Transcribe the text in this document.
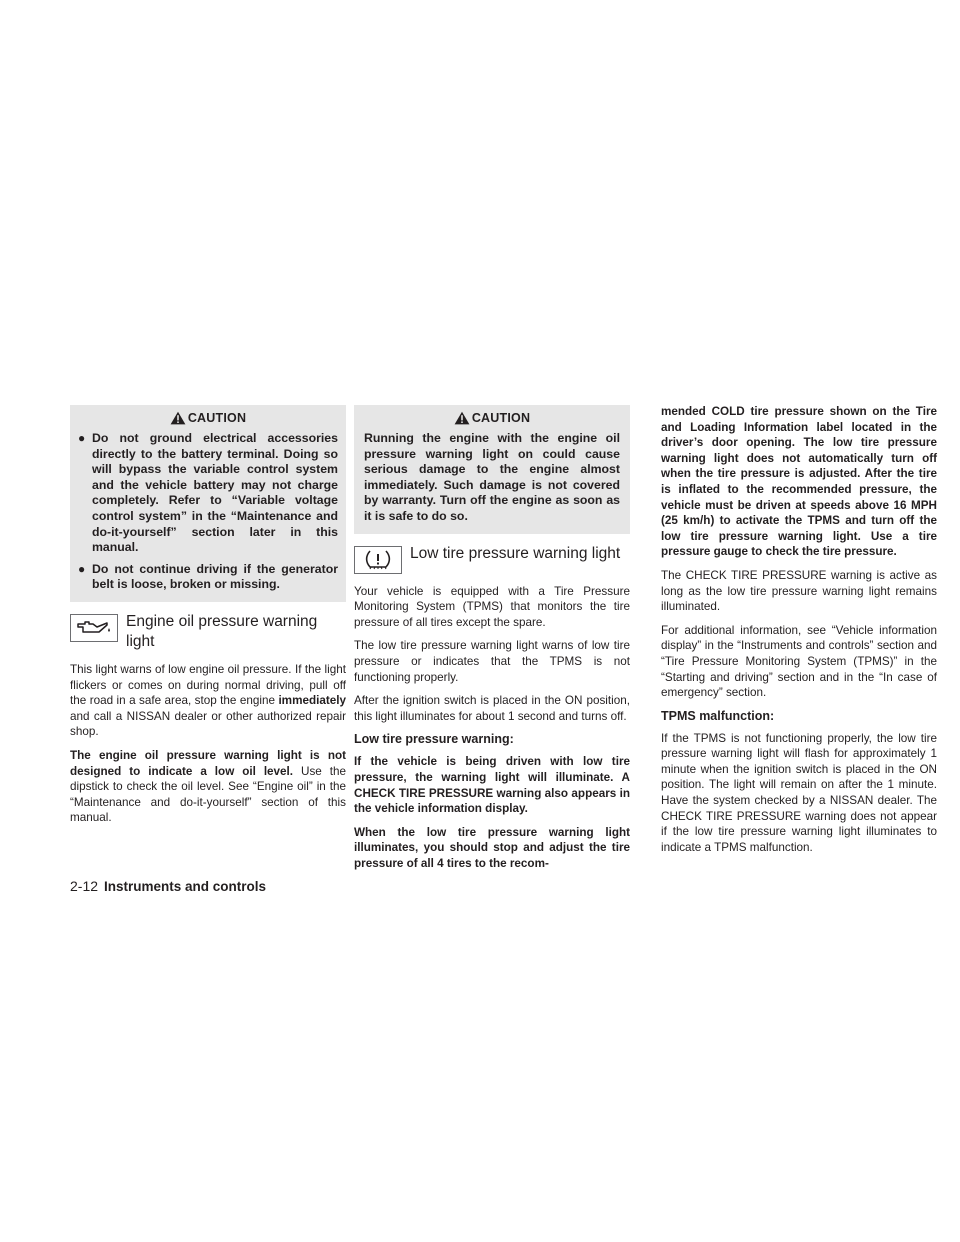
CAUTION
● Do not ground electrical accessories directly to the battery terminal. Doing so will bypass the variable control system and the vehicle battery may not charge completely. Refer to “Variable voltage control system” in the “Maintenance and do-it-yourself” section later in this manual.
● Do not continue driving if the generator belt is loose, broken or missing.
Engine oil pressure warning light

This light warns of low engine oil pressure. If the light flickers or comes on during normal driving, pull off the road in a safe area, stop the engine immediately and call a NISSAN dealer or other authorized repair shop.

The engine oil pressure warning light is not designed to indicate a low oil level. Use the dipstick to check the oil level. See “Engine oil” in the “Maintenance and do-it-yourself” section of this manual.

CAUTION
Running the engine with the engine oil pressure warning light on could cause serious damage to the engine almost immediately. Such damage is not covered by warranty. Turn off the engine as soon as it is safe to do so.
Low tire pressure warning light

Your vehicle is equipped with a Tire Pressure Monitoring System (TPMS) that monitors the tire pressure of all tires except the spare.

The low tire pressure warning light warns of low tire pressure or indicates that the TPMS is not functioning properly.

After the ignition switch is placed in the ON position, this light illuminates for about 1 second and turns off.

Low tire pressure warning:

If the vehicle is being driven with low tire pressure, the warning light will illuminate. A CHECK TIRE PRESSURE warning also appears in the vehicle information display.

When the low tire pressure warning light illuminates, you should stop and adjust the tire pressure of all 4 tires to the recom-

mended COLD tire pressure shown on the Tire and Loading Information label located in the driver’s door opening. The low tire pressure warning light does not automatically turn off when the tire pressure is adjusted. After the tire is inflated to the recommended pressure, the vehicle must be driven at speeds above 16 MPH (25 km/h) to activate the TPMS and turn off the low tire pressure warning light. Use a tire pressure gauge to check the tire pressure.

The CHECK TIRE PRESSURE warning is active as long as the low tire pressure warning light remains illuminated.

For additional information, see “Vehicle information display” in the “Instruments and controls” section and “Tire Pressure Monitoring System (TPMS)” in the “Starting and driving” section and in the “In case of emergency” section.

TPMS malfunction:

If the TPMS is not functioning properly, the low tire pressure warning light will flash for approximately 1 minute when the ignition switch is placed in the ON position. The light will remain on after the 1 minute. Have the system checked by a NISSAN dealer. The CHECK TIRE PRESSURE warning does not appear if the low tire pressure warning light illuminates to indicate a TPMS malfunction.

2-12 Instruments and controls
